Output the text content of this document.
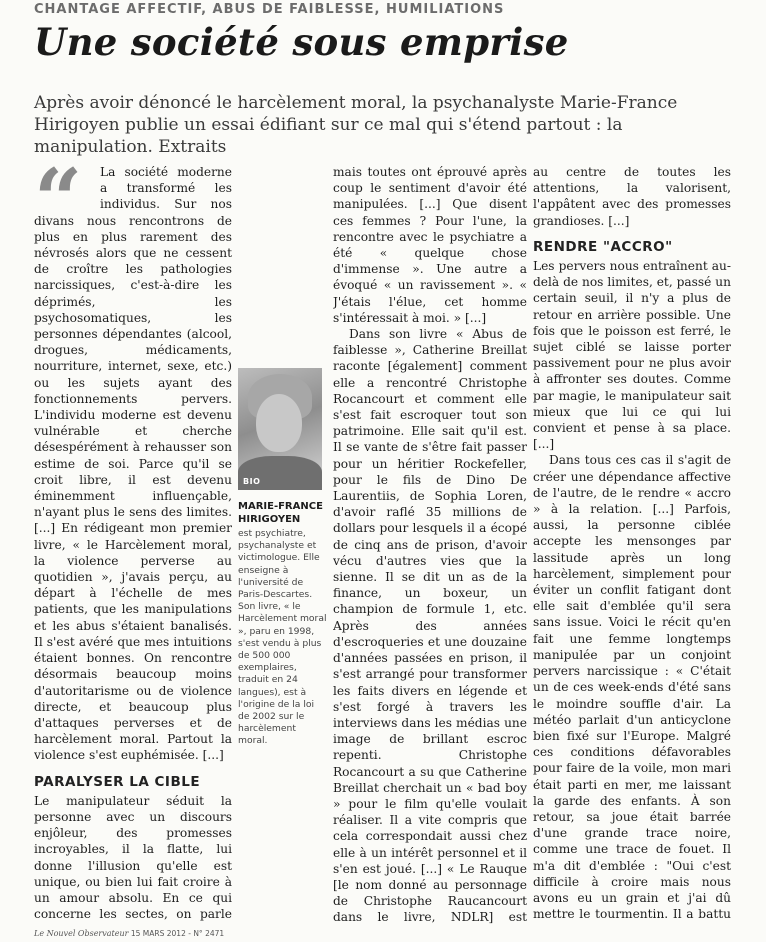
CHANTAGE AFFECTIF, ABUS DE FAIBLESSE, HUMILIATIONS
Une société sous emprise
Après avoir dénoncé le harcèlement moral, la psychanalyste Marie-France Hirigoyen publie un essai édifiant sur ce mal qui s'étend partout : la manipulation. Extraits
“	La société moderne a transformé les individus. Sur nos divans nous rencontrons de plus en plus rarement des névrosés alors que ne cessent de croître les pathologies narcissiques, c'est-à-dire les déprimés, les psychosomatiques, les personnes dépendantes (alcool, drogues, médicaments, nourriture, internet, sexe, etc.) ou les sujets ayant des fonctionnements pervers. L'individu moderne est devenu vulnérable et cherche désespérément à rehausser son estime de soi. Parce qu'il se croit libre, il est devenu éminemment influençable, n'ayant plus le sens des limites. [...] En rédigeant mon premier livre, « le Harcèlement moral, la violence perverse au quotidien », j'avais perçu, au départ à l'échelle de mes patients, que les manipulations et les abus s'étaient banalisés. Il s'est avéré que mes intuitions étaient bonnes. On rencontre désormais beaucoup moins d'autoritarisme ou de violence directe, et beaucoup plus d'attaques perverses et de harcèlement moral. Partout la violence s'est euphémisée. [...]

PARALYSER LA CIBLE

Le manipulateur séduit la personne avec un discours enjôleur, des promesses incroyables, il la flatte, lui donne l'illusion qu'elle est unique, ou bien lui fait croire à un amour absolu. En ce qui concerne les sectes, on parle

BIO
MARIE-FRANCE HIRIGOYEN
est psychiatre, psychanalyste et victimologue. Elle enseigne à l'université de Paris-Descartes. Son livre, « le Harcèlement moral », paru en 1998, s'est vendu à plus de 500 000 exemplaires, traduit en 24 langues), est à l'origine de la loi de 2002 sur le harcèlement moral.

mais toutes ont éprouvé après coup le sentiment d'avoir été manipulées. [...] Que disent ces femmes ? Pour l'une, la rencontre avec le psychiatre a été « quelque chose d'immense ». Une autre a évoqué « un ravissement ». « J'étais l'élue, cet homme s'intéressait à moi. » [...]

Dans son livre « Abus de faiblesse », Catherine Breillat raconte [également] comment elle a rencontré Christophe Rocancourt et comment elle s'est fait escroquer tout son patrimoine. Elle sait qu'il est. Il se vante de s'être fait passer pour un héritier Rockefeller, pour le fils de Dino De Laurentiis, de Sophia Loren, d'avoir raflé 35 millions de dollars pour lesquels il a écopé de cinq ans de prison, d'avoir vécu d'autres vies que la sienne. Il se dit un as de la finance, un boxeur, un champion de formule 1, etc. Après des années d'escroqueries et une douzaine d'années passées en prison, il s'est arrangé pour transformer les faits divers en légende et s'est forgé à travers les interviews dans les médias une image de brillant escroc repenti. Christophe Rocancourt a su que Catherine Breillat cherchait un « bad boy » pour le film qu'elle voulait réaliser. Il a vite compris que cela correspondait aussi chez elle à un intérêt personnel et il s'en est joué. [...] « Le Rauque [le nom donné au personnage de Christophe Raucancourt dans le livre, NDLR] est

au centre de toutes les attentions, la valorisent, l'appâtent avec des promesses grandioses. [...]

RENDRE "ACCRO"

Les pervers nous entraînent au-delà de nos limites, et, passé un certain seuil, il n'y a plus de retour en arrière possible. Une fois que le poisson est ferré, le sujet ciblé se laisse porter passivement pour ne plus avoir à affronter ses doutes. Comme par magie, le manipulateur sait mieux que lui ce qui lui convient et pense à sa place. [...]

Dans tous ces cas il s'agit de créer une dépendance affective de l'autre, de le rendre « accro » à la relation. [...] Parfois, aussi, la personne ciblée accepte les mensonges par lassitude après un long harcèlement, simplement pour éviter un conflit fatigant dont elle sait d'emblée qu'il sera sans issue. Voici le récit qu'en fait une femme longtemps manipulée par un conjoint pervers narcissique : « C'était un de ces week-ends d'été sans le moindre souffle d'air. La météo parlait d'un anticyclone bien fixé sur l'Europe. Malgré ces conditions défavorables pour faire de la voile, mon mari était parti en mer, me laissant la garde des enfants. À son retour, sa joue était barrée d'une grande trace noire, comme une trace de fouet. Il m'a dit d'emblée : "Oui c'est difficile à croire mais nous avons eu un grain et j'ai dû mettre le tourmentin. Il a battu

Le Nouvel Observateur 15 MARS 2012 - N° 2471
